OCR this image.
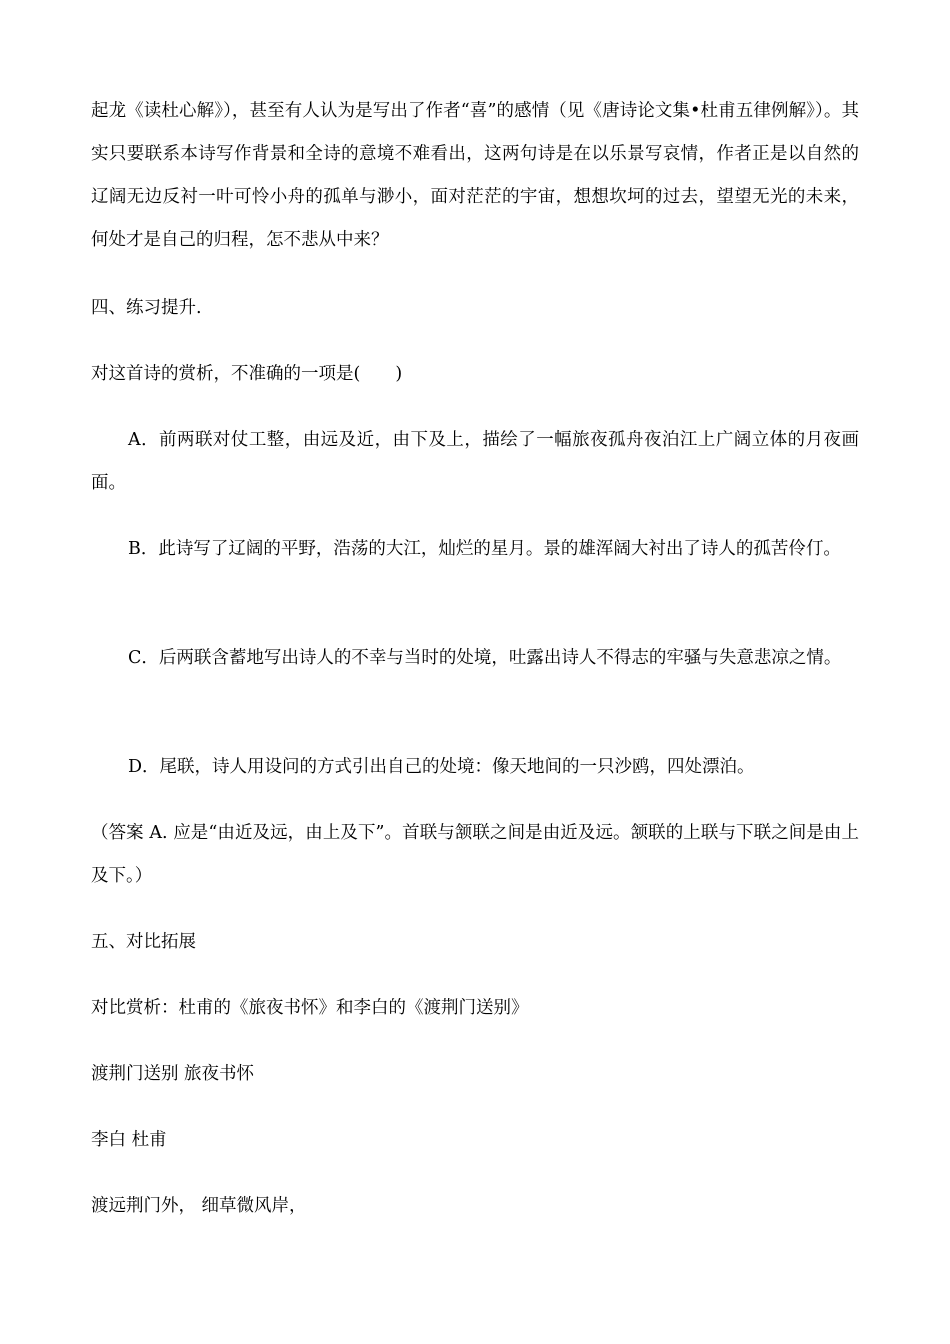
起龙《读杜心解》），甚至有人认为是写出了作者“喜”的感情（见《唐诗论文集•杜甫五律例解》）。其实只要联系本诗写作背景和全诗的意境不难看出，这两句诗是在以乐景写哀情，作者正是以自然的辽阔无边反衬一叶可怜小舟的孤单与渺小，面对茫茫的宇宙，想想坎坷的过去，望望无光的未来，何处才是自己的归程，怎不悲从中来？

四、练习提升.

对这首诗的赏析，不准确的一项是(　　)

A．前两联对仗工整，由远及近，由下及上，描绘了一幅旅夜孤舟夜泊江上广阔立体的月夜画面。

B．此诗写了辽阔的平野，浩荡的大江，灿烂的星月。景的雄浑阔大衬出了诗人的孤苦伶仃。

C．后两联含蓄地写出诗人的不幸与当时的处境，吐露出诗人不得志的牢骚与失意悲凉之情。

D．尾联，诗人用设问的方式引出自己的处境：像天地间的一只沙鸥，四处漂泊。

（答案 A. 应是“由近及远，由上及下”。首联与颔联之间是由近及远。颔联的上联与下联之间是由上及下。）

五、对比拓展

对比赏析：杜甫的《旅夜书怀》和李白的《渡荆门送别》

渡荆门送别 旅夜书怀

李白 杜甫

渡远荆门外， 细草微风岸，
